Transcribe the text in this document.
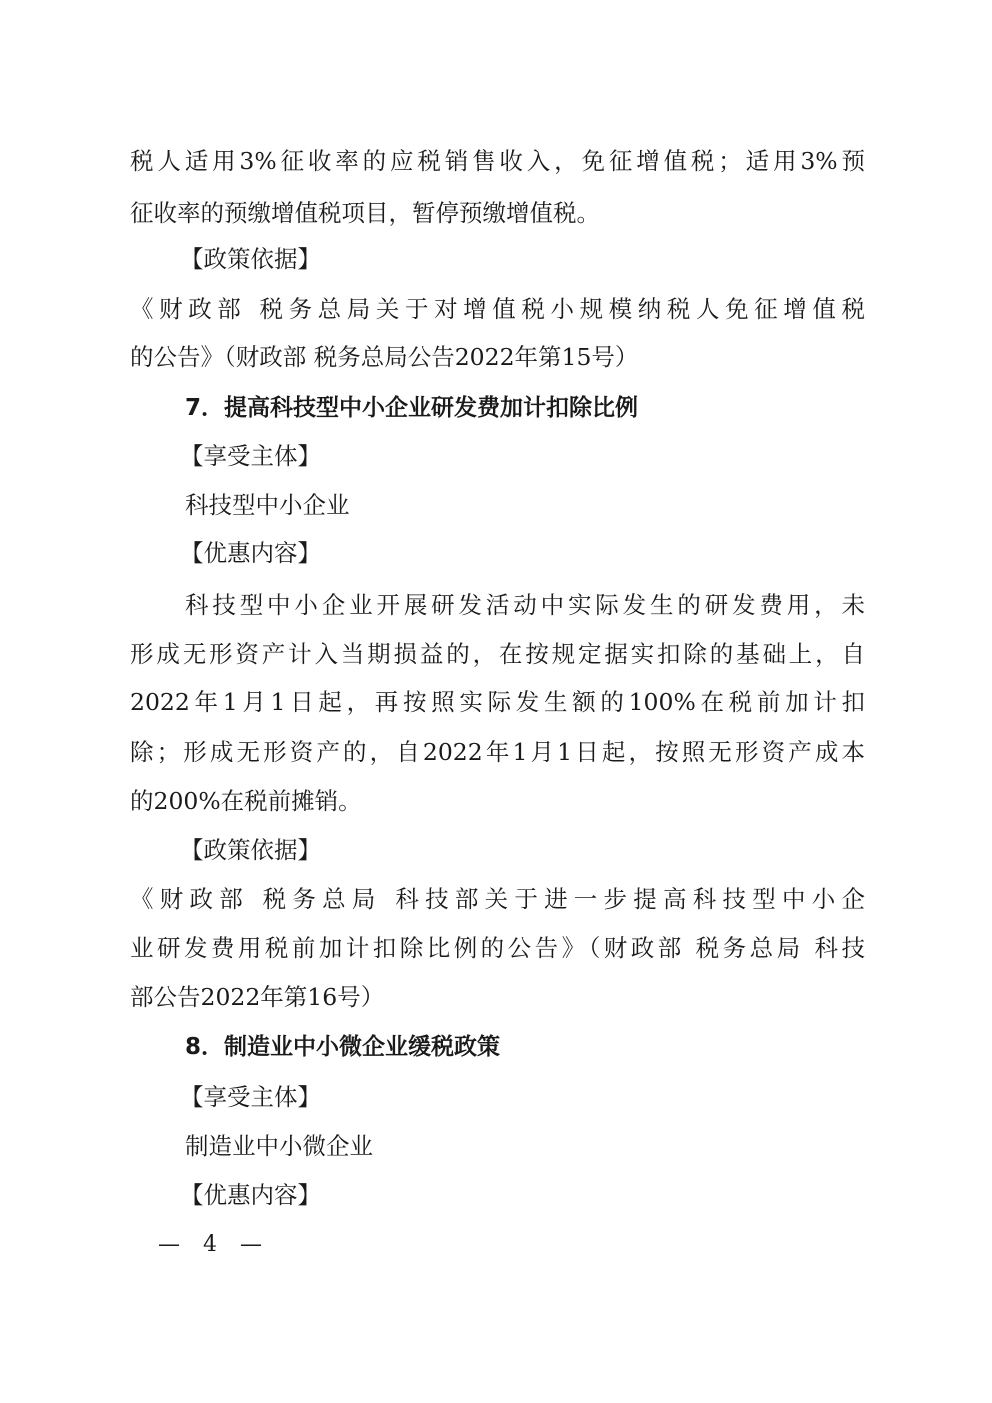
税人适用3%征收率的应税销售收入，免征增值税；适用3%预
征收率的预缴增值税项目，暂停预缴增值税。
【政策依据】
《财政部 税务总局关于对增值税小规模纳税人免征增值税
的公告》（财政部 税务总局公告2022年第15号）
7．提高科技型中小企业研发费加计扣除比例
【享受主体】
科技型中小企业
【优惠内容】
科技型中小企业开展研发活动中实际发生的研发费用，未
形成无形资产计入当期损益的，在按规定据实扣除的基础上，自
2022年1月1日起，再按照实际发生额的100%在税前加计扣
除；形成无形资产的，自2022年1月1日起，按照无形资产成本
的200%在税前摊销。
【政策依据】
《财政部 税务总局 科技部关于进一步提高科技型中小企
业研发费用税前加计扣除比例的公告》（财政部 税务总局 科技
部公告2022年第16号）
8．制造业中小微企业缓税政策
【享受主体】
制造业中小微企业
【优惠内容】
— 4 —
